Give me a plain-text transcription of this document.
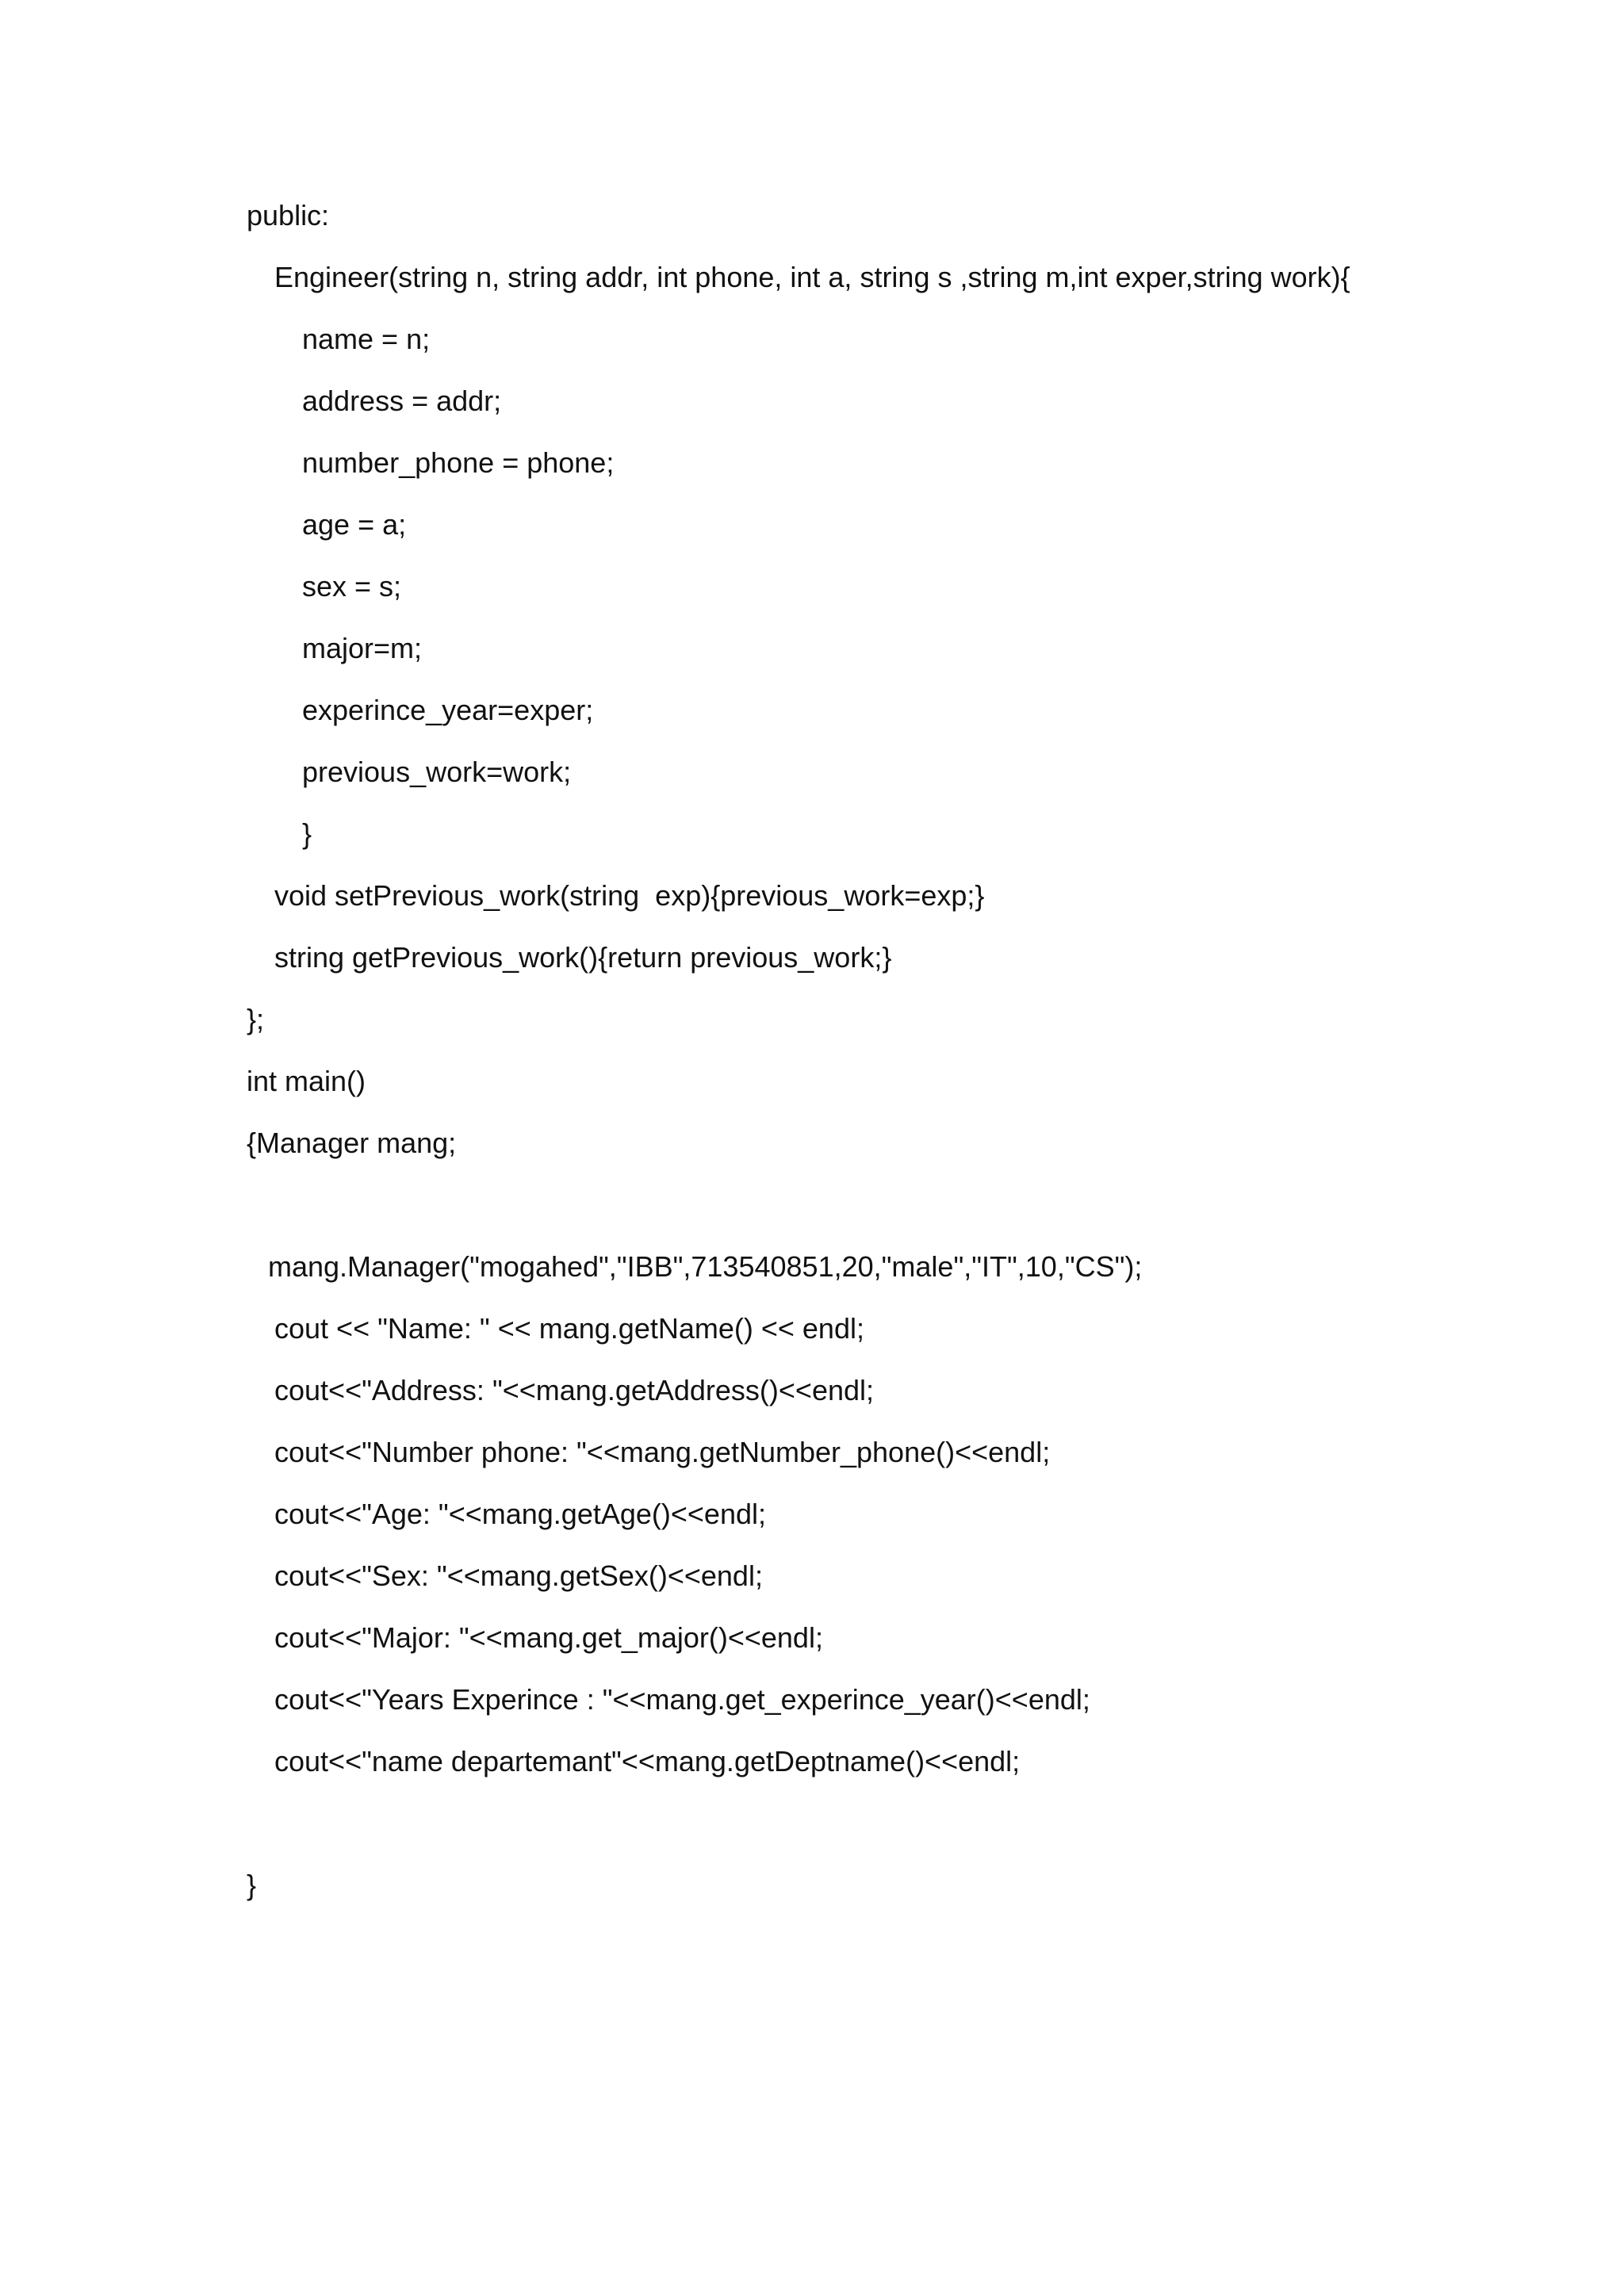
public:
Engineer(string n, string addr, int phone, int a, string s ,string m,int exper,string work){
name = n;
address = addr;
number_phone = phone;
age = a;
sex = s;
major=m;
experince_year=exper;
previous_work=work;
}
void setPrevious_work(string  exp){previous_work=exp;}
string getPrevious_work(){return previous_work;}
};
int main()
{Manager mang;
mang.Manager("mogahed","IBB",713540851,20,"male","IT",10,"CS");
cout << "Name: " << mang.getName() << endl;
cout<<"Address: "<<mang.getAddress()<<endl;
cout<<"Number phone: "<<mang.getNumber_phone()<<endl;
cout<<"Age: "<<mang.getAge()<<endl;
cout<<"Sex: "<<mang.getSex()<<endl;
cout<<"Major: "<<mang.get_major()<<endl;
cout<<"Years Experince : "<<mang.get_experince_year()<<endl;
cout<<"name departemant"<<mang.getDeptname()<<endl;
}
